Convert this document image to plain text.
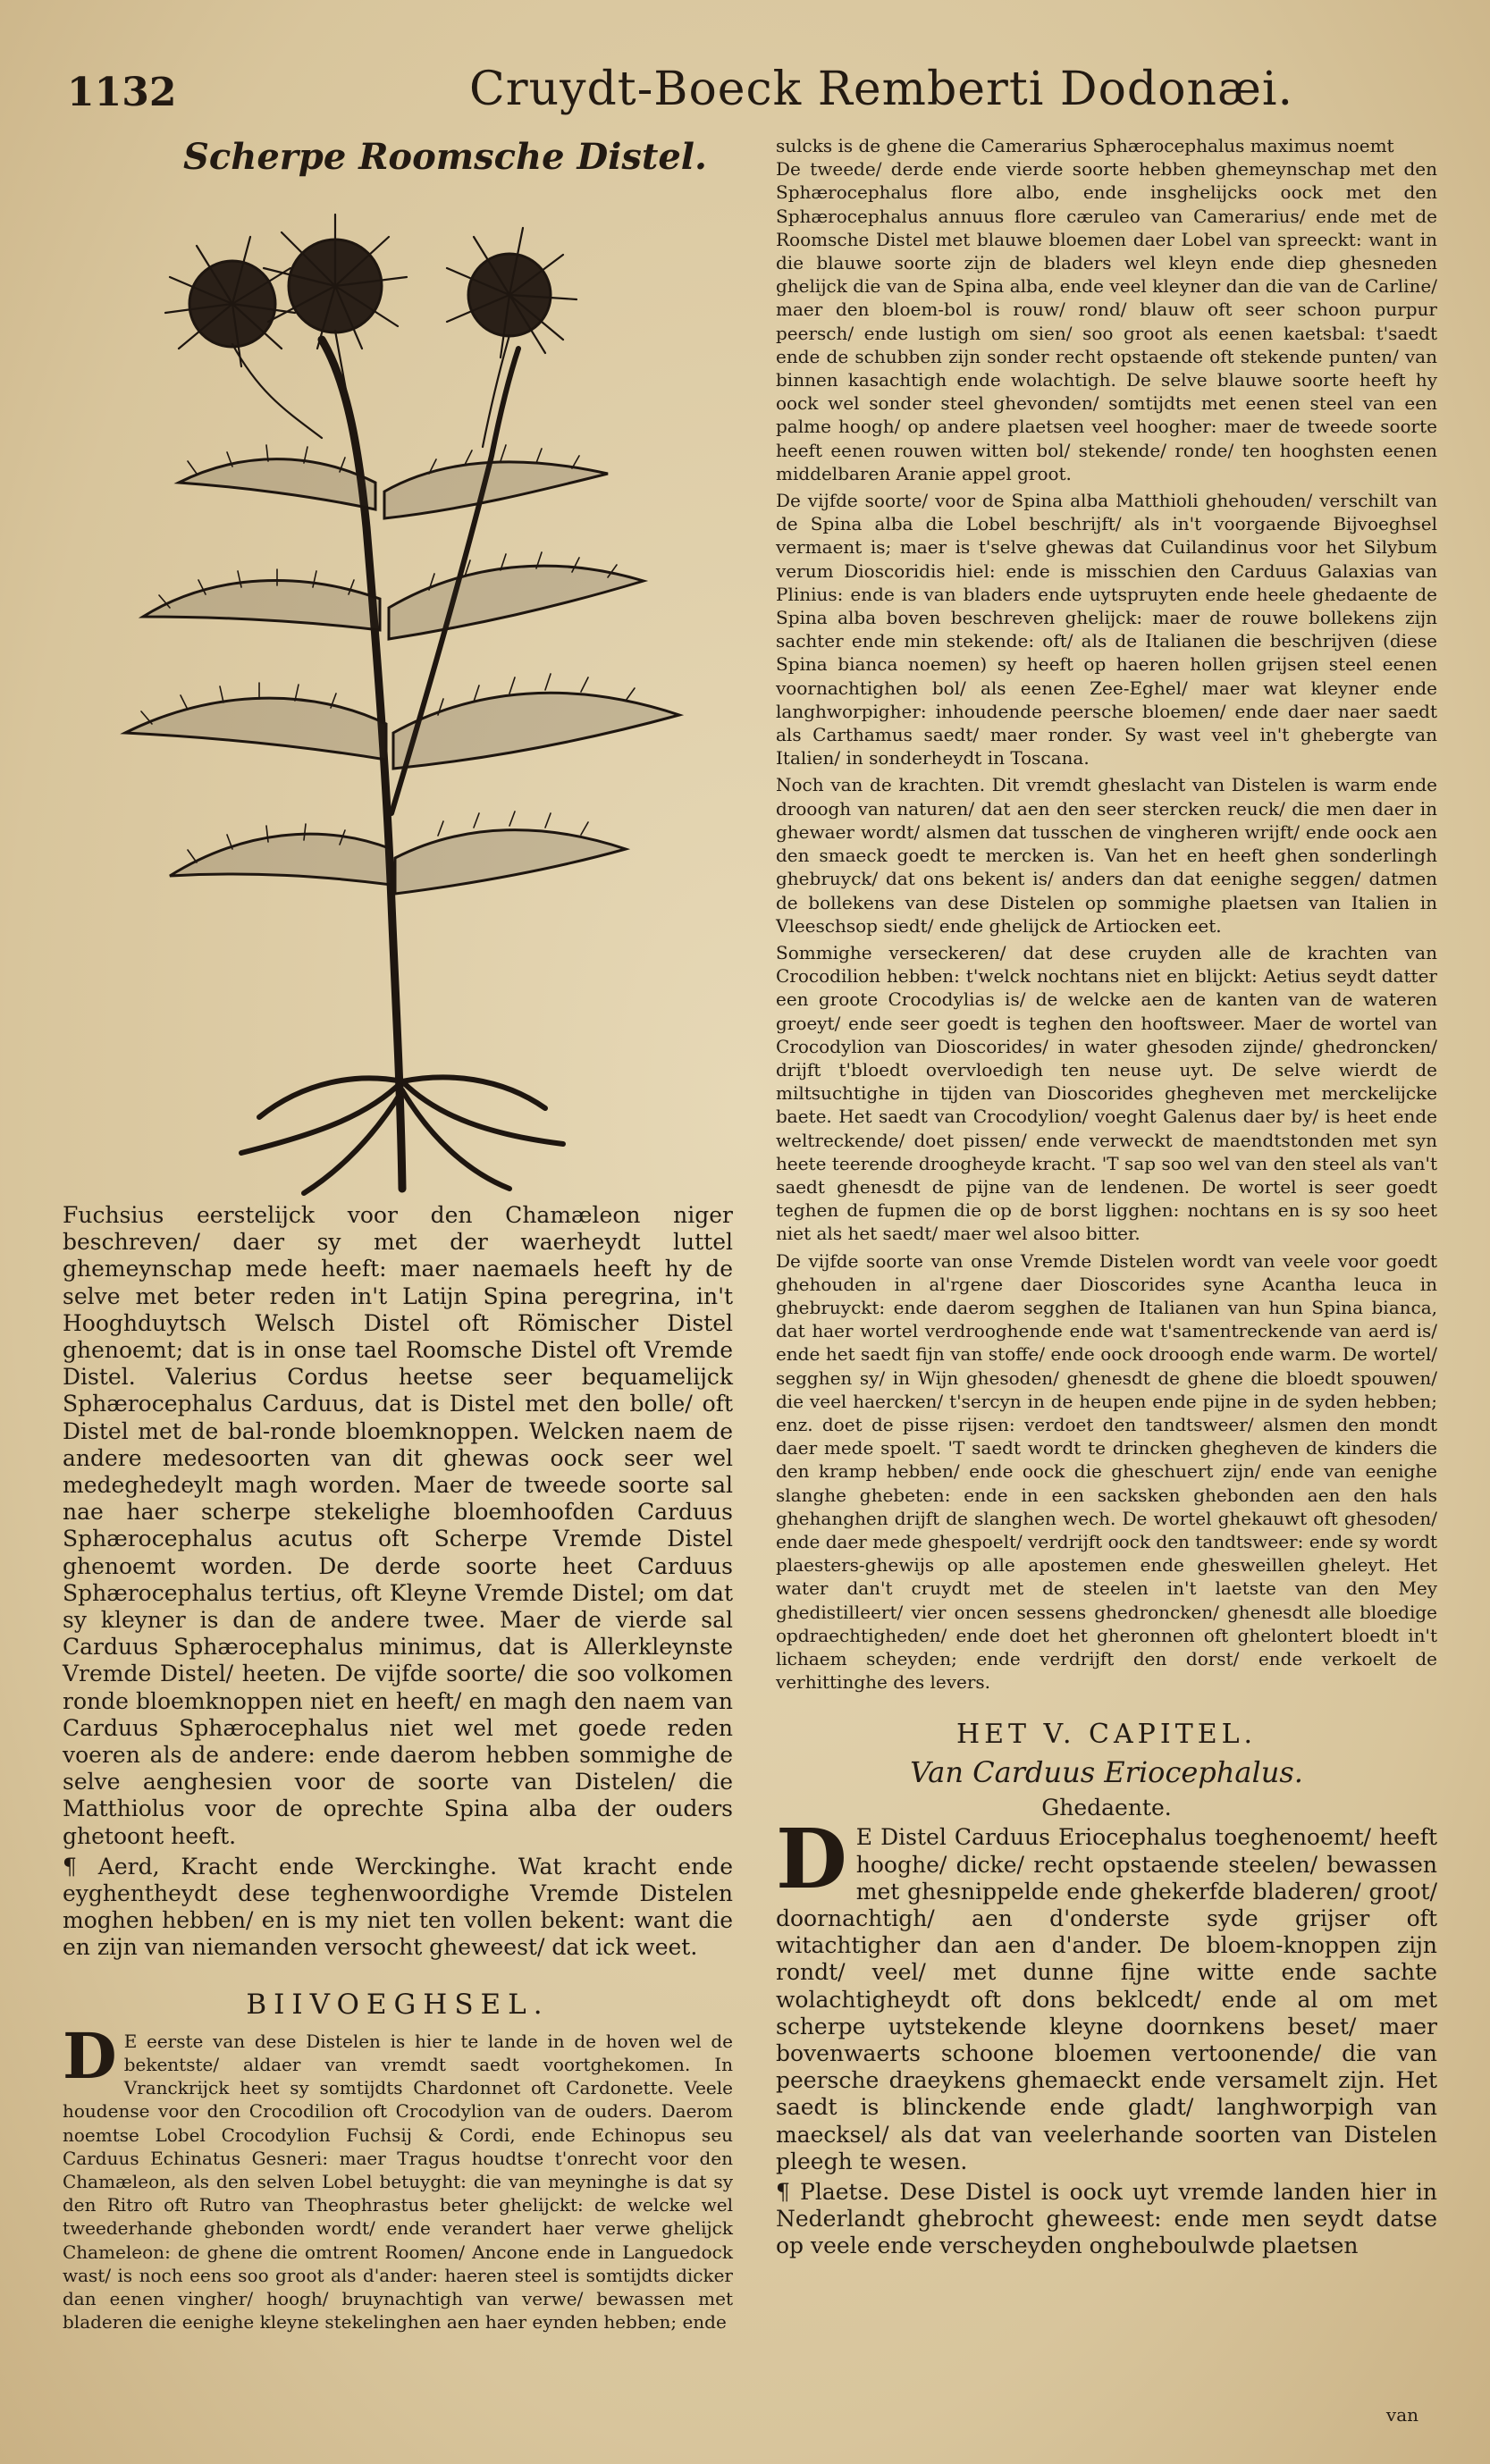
1132	Cruydt-Boeck Remberti Dodonæi.
Scherpe Roomsche Distel.

Fuchsius eerstelijck voor den Chamæleon niger beschreven/ daer sy met der waerheydt luttel ghemeynschap mede heeft: maer naemaels heeft hy de selve met beter reden in't Latijn Spina peregrina, in't Hooghduytsch Welsch Distel oft Römischer Distel ghenoemt; dat is in onse tael Roomsche Distel oft Vremde Distel. Valerius Cordus heetse seer bequamelijck Sphærocephalus Carduus, dat is Distel met den bolle/ oft Distel met de bal-ronde bloemknoppen. Welcken naem de andere medesoorten van dit ghewas oock seer wel medeghedeylt magh worden. Maer de tweede soorte sal nae haer scherpe stekelighe bloemhoofden Carduus Sphærocephalus acutus oft Scherpe Vremde Distel ghenoemt worden. De derde soorte heet Carduus Sphærocephalus tertius, oft Kleyne Vremde Distel; om dat sy kleyner is dan de andere twee. Maer de vierde sal Carduus Sphærocephalus minimus, dat is Allerkleynste Vremde Distel/ heeten. De vijfde soorte/ die soo volkomen ronde bloemknoppen niet en heeft/ en magh den naem van Carduus Sphærocephalus niet wel met goede reden voeren als de andere: ende daerom hebben sommighe de selve aenghesien voor de soorte van Distelen/ die Matthiolus voor de oprechte Spina alba der ouders ghetoont heeft.

¶ Aerd, Kracht ende Werckinghe. Wat kracht ende eyghentheydt dese teghenwoordighe Vremde Distelen moghen hebben/ en is my niet ten vollen bekent: want die en zijn van niemanden versocht gheweest/ dat ick weet.

BIIVOEGHSEL.

D E eerste van dese Distelen is hier te lande in de hoven wel de bekentste/ aldaer van vremdt saedt voortghekomen. In Vranckrijck heet sy somtijdts Chardonnet oft Cardonette. Veele houdense voor den Crocodilion oft Crocodylion van de ouders. Daerom noemtse Lobel Crocodylion Fuchsij & Cordi, ende Echinopus seu Carduus Echinatus Gesneri: maer Tragus houdtse t'onrecht voor den Chamæleon, als den selven Lobel betuyght: die van meyninghe is dat sy den Ritro oft Rutro van Theophrastus beter ghelijckt: de welcke wel tweederhande ghebonden wordt/ ende verandert haer verwe ghelijck Chameleon: de ghene die omtrent Roomen/ Ancone ende in Languedock wast/ is noch eens soo groot als d'ander: haeren steel is somtijdts dicker dan eenen vingher/ hoogh/ bruynachtigh van verwe/ bewassen met bladeren die eenighe kleyne stekelinghen aen haer eynden hebben; ende

sulcks is de ghene die Camerarius Sphærocephalus maximus noemt

De tweede/ derde ende vierde soorte hebben ghemeynschap met den Sphærocephalus flore albo, ende insghelijcks oock met den Sphærocephalus annuus flore cæruleo van Camerarius/ ende met de Roomsche Distel met blauwe bloemen daer Lobel van spreeckt: want in die blauwe soorte zijn de bladers wel kleyn ende diep ghesneden ghelijck die van de Spina alba, ende veel kleyner dan die van de Carline/ maer den bloem-bol is rouw/ rond/ blauw oft seer schoon purpur peersch/ ende lustigh om sien/ soo groot als eenen kaetsbal: t'saedt ende de schubben zijn sonder recht opstaende oft stekende punten/ van binnen kasachtigh ende wolachtigh. De selve blauwe soorte heeft hy oock wel sonder steel ghevonden/ somtijdts met eenen steel van een palme hoogh/ op andere plaetsen veel hoogher: maer de tweede soorte heeft eenen rouwen witten bol/ stekende/ ronde/ ten hooghsten eenen middelbaren Aranie appel groot.

De vijfde soorte/ voor de Spina alba Matthioli ghehouden/ verschilt van de Spina alba die Lobel beschrijft/ als in't voorgaende Bijvoeghsel vermaent is; maer is t'selve ghewas dat Cuilandinus voor het Silybum verum Dioscoridis hiel: ende is misschien den Carduus Galaxias van Plinius: ende is van bladers ende uytspruyten ende heele ghedaente de Spina alba boven beschreven ghelijck: maer de rouwe bollekens zijn sachter ende min stekende: oft/ als de Italianen die beschrijven (diese Spina bianca noemen) sy heeft op haeren hollen grijsen steel eenen voornachtighen bol/ als eenen Zee-Eghel/ maer wat kleyner ende langhworpigher: inhoudende peersche bloemen/ ende daer naer saedt als Carthamus saedt/ maer ronder. Sy wast veel in't ghebergte van Italien/ in sonderheydt in Toscana.

Noch van de krachten. Dit vremdt gheslacht van Distelen is warm ende drooogh van naturen/ dat aen den seer stercken reuck/ die men daer in ghewaer wordt/ alsmen dat tusschen de vingheren wrijft/ ende oock aen den smaeck goedt te mercken is. Van het en heeft ghen sonderlingh ghebruyck/ dat ons bekent is/ anders dan dat eenighe seggen/ datmen de bollekens van dese Distelen op sommighe plaetsen van Italien in Vleeschsop siedt/ ende ghelijck de Artiocken eet.

Sommighe verseckeren/ dat dese cruyden alle de krachten van Crocodilion hebben: t'welck nochtans niet en blijckt: Aetius seydt datter een groote Crocodylias is/ de welcke aen de kanten van de wateren groeyt/ ende seer goedt is teghen den hooftsweer. Maer de wortel van Crocodylion van Dioscorides/ in water ghesoden zijnde/ ghedroncken/ drijft t'bloedt overvloedigh ten neuse uyt. De selve wierdt de miltsuchtighe in tijden van Dioscorides ghegheven met merckelijcke baete. Het saedt van Crocodylion/ voeght Galenus daer by/ is heet ende weltreckende/ doet pissen/ ende verweckt de maendtstonden met syn heete teerende droogheyde kracht. 'T sap soo wel van den steel als van't saedt ghenesdt de pijne van de lendenen. De wortel is seer goedt teghen de fupmen die op de borst ligghen: nochtans en is sy soo heet niet als het saedt/ maer wel alsoo bitter.

De vijfde soorte van onse Vremde Distelen wordt van veele voor goedt ghehouden in al'rgene daer Dioscorides syne Acantha leuca in ghebruyckt: ende daerom segghen de Italianen van hun Spina bianca, dat haer wortel verdrooghende ende wat t'samentreckende van aerd is/ ende het saedt fijn van stoffe/ ende oock drooogh ende warm. De wortel/ segghen sy/ in Wijn ghesoden/ ghenesdt de ghene die bloedt spouwen/ die veel haercken/ t'sercyn in de heupen ende pijne in de syden hebben; enz. doet de pisse rijsen: verdoet den tandtsweer/ alsmen den mondt daer mede spoelt. 'T saedt wordt te drincken ghegheven de kinders die den kramp hebben/ ende oock die gheschuert zijn/ ende van eenighe slanghe ghebeten: ende in een sacksken ghebonden aen den hals ghehanghen drijft de slanghen wech. De wortel ghekauwt oft ghesoden/ ende daer mede ghespoelt/ verdrijft oock den tandtsweer: ende sy wordt plaesters-ghewijs op alle apostemen ende ghesweillen gheleyt. Het water dan't cruydt met de steelen in't laetste van den Mey ghedistilleert/ vier oncen sessens ghedroncken/ ghenesdt alle bloedige opdraechtigheden/ ende doet het gheronnen oft ghelontert bloedt in't lichaem scheyden; ende verdrijft den dorst/ ende verkoelt de verhittinghe des levers.

HET V. CAPITEL.

Van Carduus Eriocephalus.

Ghedaente.

D E Distel Carduus Eriocephalus toeghenoemt/ heeft hooghe/ dicke/ recht opstaende steelen/ bewassen met ghesnippelde ende ghekerfde bladeren/ groot/ doornachtigh/ aen d'onderste syde grijser oft witachtigher dan aen d'ander. De bloem-knoppen zijn rondt/ veel/ met dunne fijne witte ende sachte wolachtigheydt oft dons beklcedt/ ende al om met scherpe uytstekende kleyne doornkens beset/ maer bovenwaerts schoone bloemen vertoonende/ die van peersche draeykens ghemaeckt ende versamelt zijn. Het saedt is blinckende ende gladt/ langhworpigh van maecksel/ als dat van veelerhande soorten van Distelen pleegh te wesen.

¶ Plaetse. Dese Distel is oock uyt vremde landen hier in Nederlandt ghebrocht gheweest: ende men seydt datse op veele ende verscheyden ongheboulwde plaetsen

van
